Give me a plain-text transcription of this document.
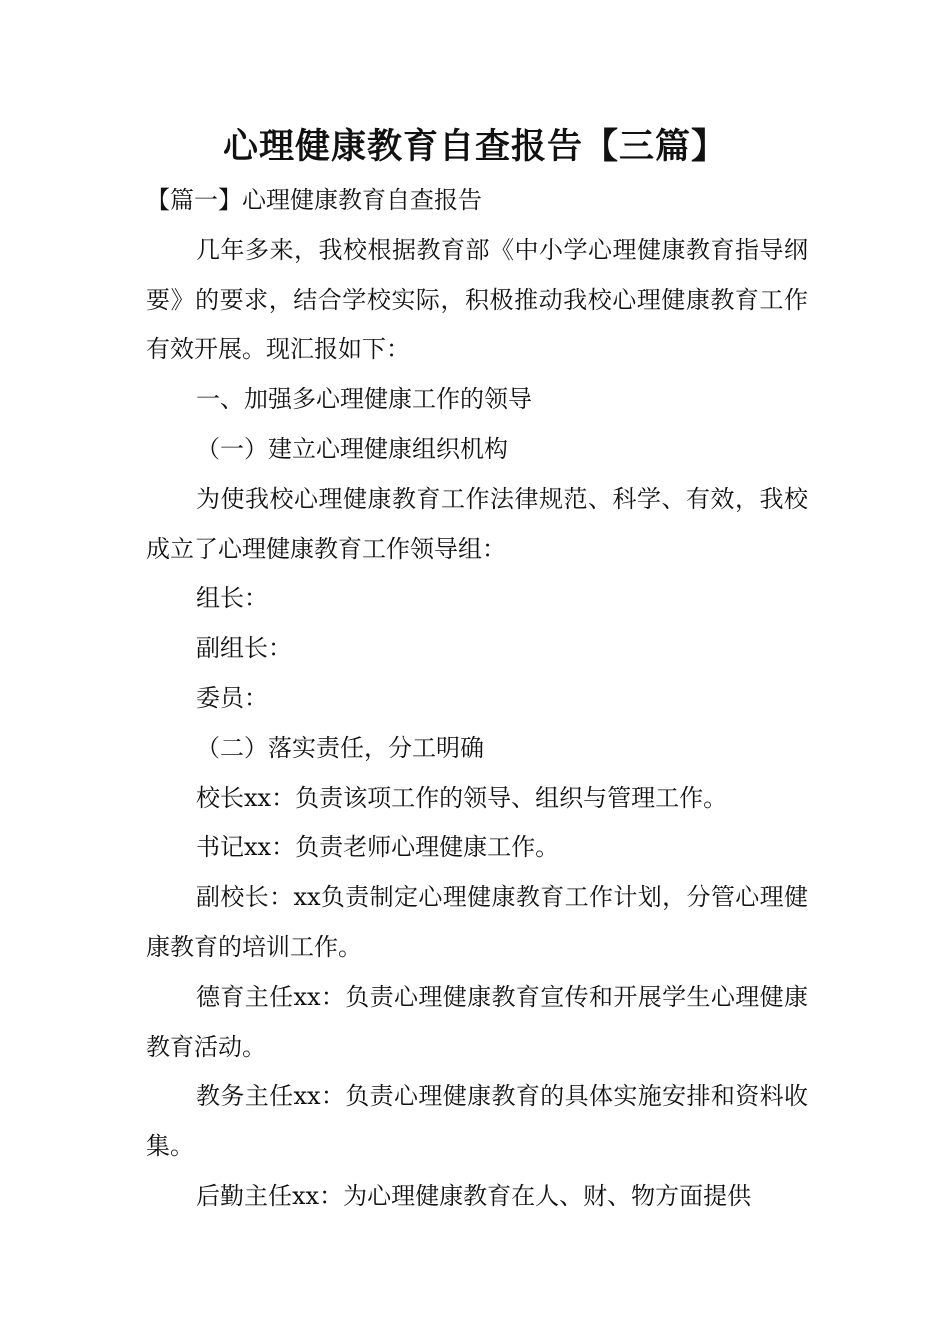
心理健康教育自查报告【三篇】

【篇一】心理健康教育自查报告

几年多来，我校根据教育部《中小学心理健康教育指导纲要》的要求，结合学校实际，积极推动我校心理健康教育工作有效开展。现汇报如下：

一、加强多心理健康工作的领导

（一）建立心理健康组织机构

为使我校心理健康教育工作法律规范、科学、有效，我校成立了心理健康教育工作领导组：

组长：

副组长：

委员：

（二）落实责任，分工明确

校长xx：负责该项工作的领导、组织与管理工作。

书记xx：负责老师心理健康工作。

副校长：xx负责制定心理健康教育工作计划，分管心理健康教育的培训工作。

德育主任xx：负责心理健康教育宣传和开展学生心理健康教育活动。

教务主任xx：负责心理健康教育的具体实施安排和资料收集。

后勤主任xx：为心理健康教育在人、财、物方面提供
